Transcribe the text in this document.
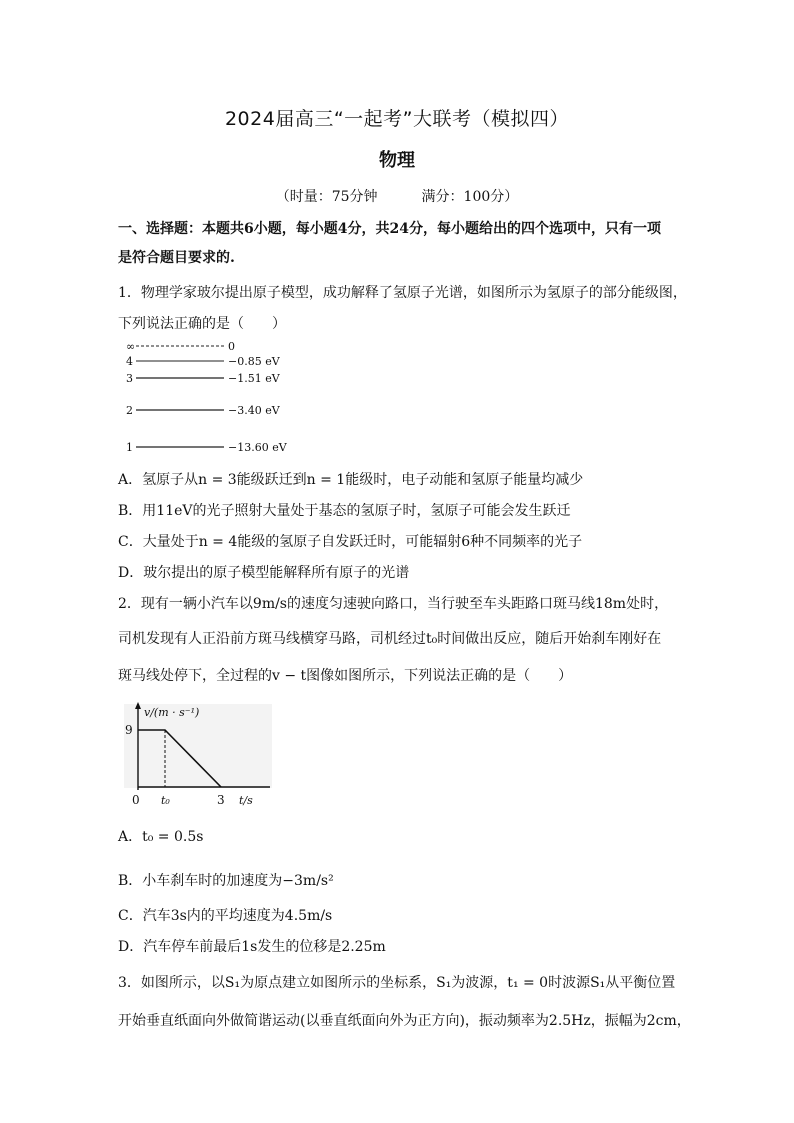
2024届高三“一起考”大联考（模拟四）
物理
（时量：75分钟	满分：100分）
一、选择题：本题共6小题，每小题4分，共24分，每小题给出的四个选项中，只有一项
是符合题目要求的.
1．物理学家玻尔提出原子模型，成功解释了氢原子光谱，如图所示为氢原子的部分能级图，
下列说法正确的是（　　）
∞
4
3
2
1
0
−0.85 eV
−1.51 eV
−3.40 eV
−13.60 eV
A．氢原子从n = 3能级跃迁到n = 1能级时，电子动能和氢原子能量均减少
B．用11eV的光子照射大量处于基态的氢原子时，氢原子可能会发生跃迁
C．大量处于n = 4能级的氢原子自发跃迁时，可能辐射6种不同频率的光子
D．玻尔提出的原子模型能解释所有原子的光谱
2．现有一辆小汽车以9m/s的速度匀速驶向路口，当行驶至车头距路口斑马线18m处时，
司机发现有人正沿前方斑马线横穿马路，司机经过t₀时间做出反应，随后开始刹车刚好在
斑马线处停下，全过程的v − t图像如图所示，下列说法正确的是（　　）
v/(m · s⁻¹)
9
0 t₀	3 t/s
A．t₀ = 0.5s
B．小车刹车时的加速度为−3m/s²
C．汽车3s内的平均速度为4.5m/s
D．汽车停车前最后1s发生的位移是2.25m
3．如图所示，以S₁为原点建立如图所示的坐标系，S₁为波源，t₁ = 0时波源S₁从平衡位置
开始垂直纸面向外做简谐运动(以垂直纸面向外为正方向)，振动频率为2.5Hz，振幅为2cm，
